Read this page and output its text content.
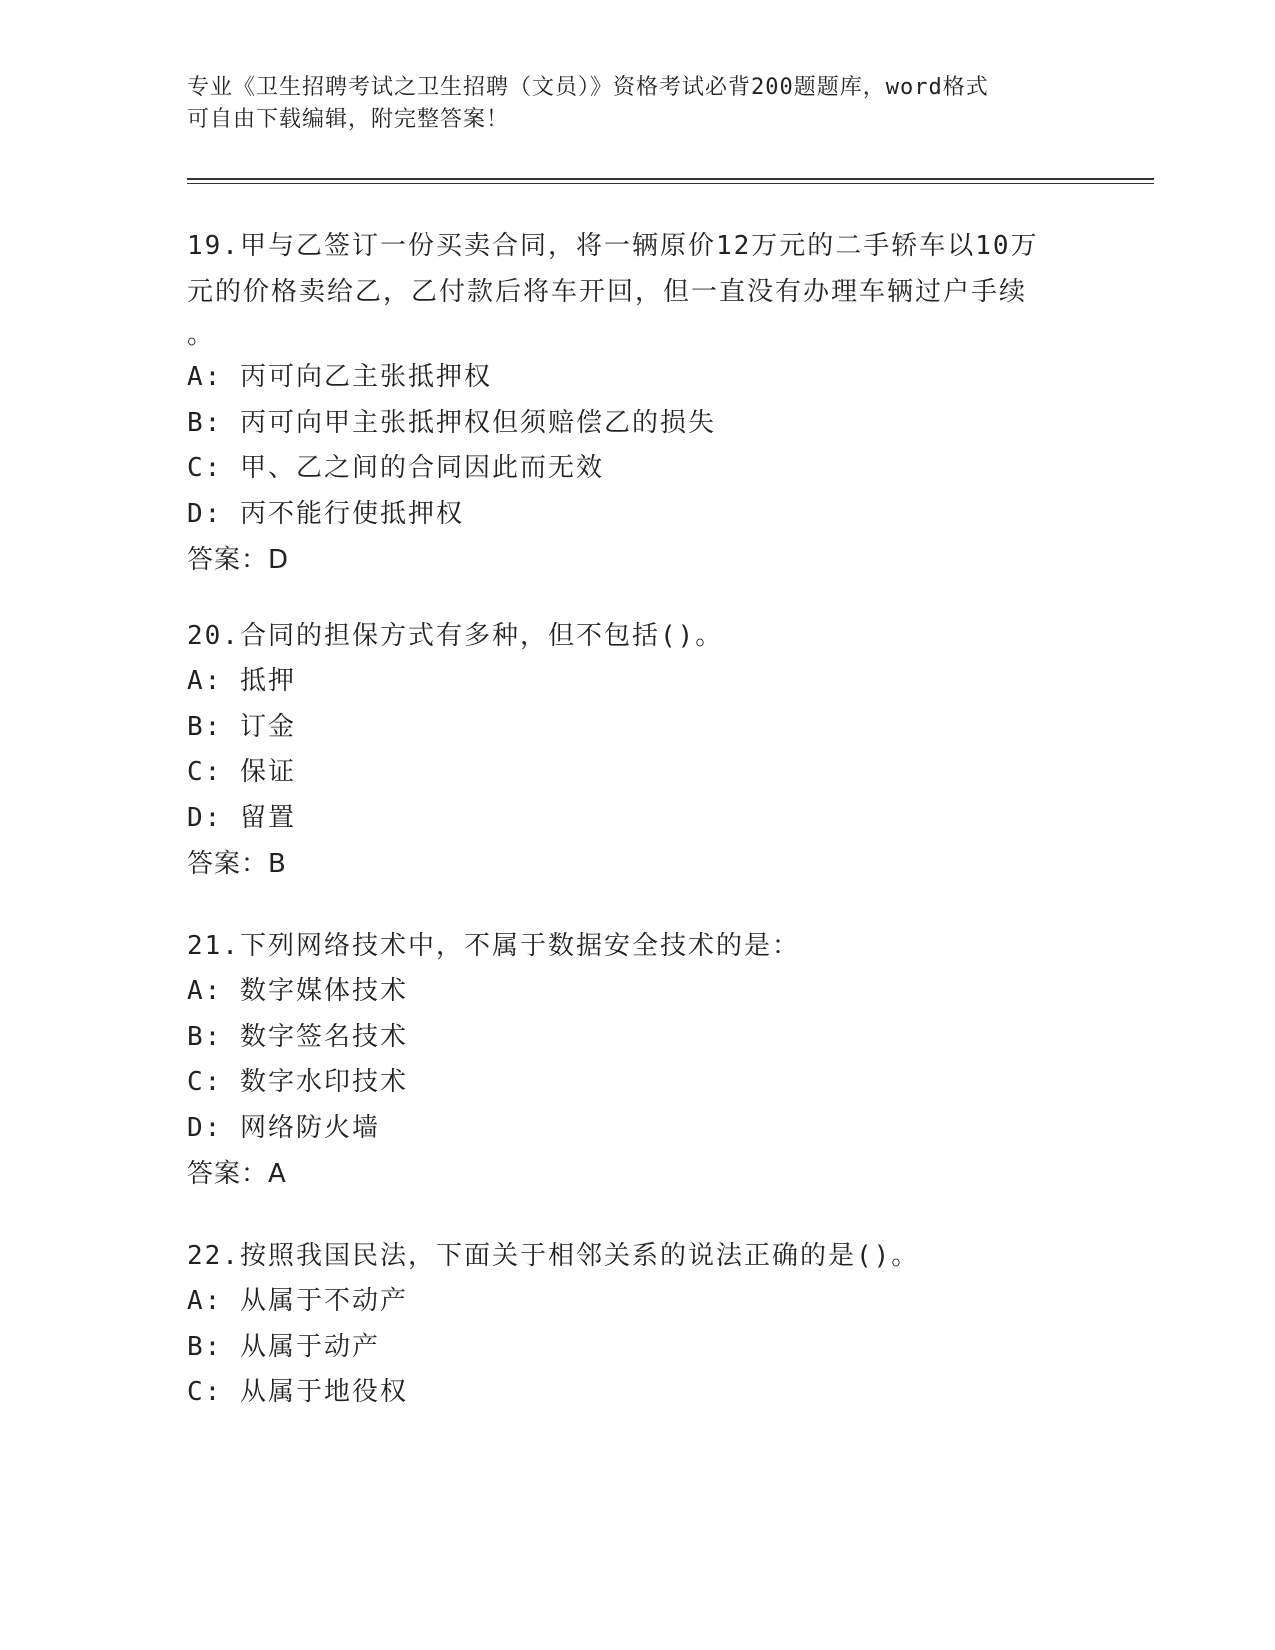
专业《卫生招聘考试之卫生招聘（文员）》资格考试必背200题题库，word格式
可自由下载编辑，附完整答案！
19.甲与乙签订一份买卖合同，将一辆原价12万元的二手轿车以10万
元的价格卖给乙，乙付款后将车开回，但一直没有办理车辆过户手续
。
A: 丙可向乙主张抵押权
B: 丙可向甲主张抵押权但须赔偿乙的损失
C: 甲、乙之间的合同因此而无效
D: 丙不能行使抵押权
答案：D
20.合同的担保方式有多种，但不包括()。
A: 抵押
B: 订金
C: 保证
D: 留置
答案：B
21.下列网络技术中，不属于数据安全技术的是：
A: 数字媒体技术
B: 数字签名技术
C: 数字水印技术
D: 网络防火墙
答案：A
22.按照我国民法，下面关于相邻关系的说法正确的是()。
A: 从属于不动产
B: 从属于动产
C: 从属于地役权
